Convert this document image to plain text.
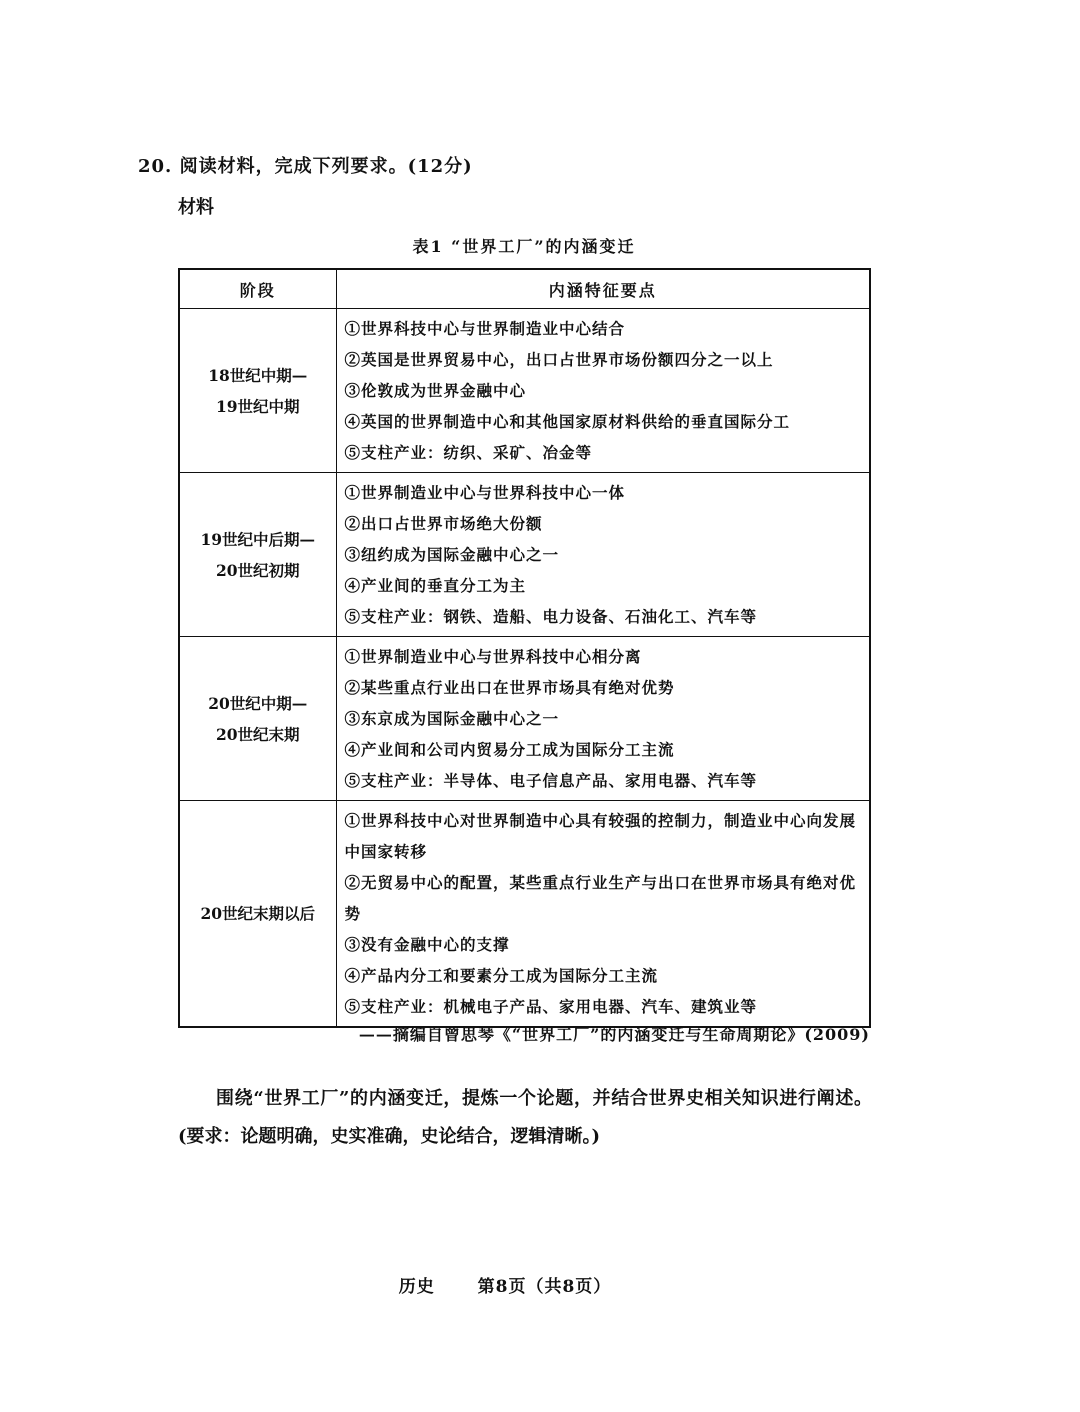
20. 阅读材料，完成下列要求。(12分)
材料
表1 “世界工厂”的内涵变迁
阶段	内涵特征要点

18世纪中期—
19世纪中期	①世界科技中心与世界制造业中心结合
②英国是世界贸易中心，出口占世界市场份额四分之一以上
③伦敦成为世界金融中心
④英国的世界制造中心和其他国家原材料供给的垂直国际分工
⑤支柱产业：纺织、采矿、冶金等

19世纪中后期—
20世纪初期	①世界制造业中心与世界科技中心一体
②出口占世界市场绝大份额
③纽约成为国际金融中心之一
④产业间的垂直分工为主
⑤支柱产业：钢铁、造船、电力设备、石油化工、汽车等

20世纪中期—
20世纪末期	①世界制造业中心与世界科技中心相分离
②某些重点行业出口在世界市场具有绝对优势
③东京成为国际金融中心之一
④产业间和公司内贸易分工成为国际分工主流
⑤支柱产业：半导体、电子信息产品、家用电器、汽车等

20世纪末期以后	①世界科技中心对世界制造中心具有较强的控制力，制造业中心向发展中国家转移
②无贸易中心的配置，某些重点行业生产与出口在世界市场具有绝对优势
③没有金融中心的支撑
④产品内分工和要素分工成为国际分工主流
⑤支柱产业：机械电子产品、家用电器、汽车、建筑业等
——摘编自曾思琴《“世界工厂”的内涵变迁与生命周期论》(2009)
围绕“世界工厂”的内涵变迁，提炼一个论题，并结合世界史相关知识进行阐述。(要求：论题明确，史实准确，史论结合，逻辑清晰。)
历史	第8页（共8页）
